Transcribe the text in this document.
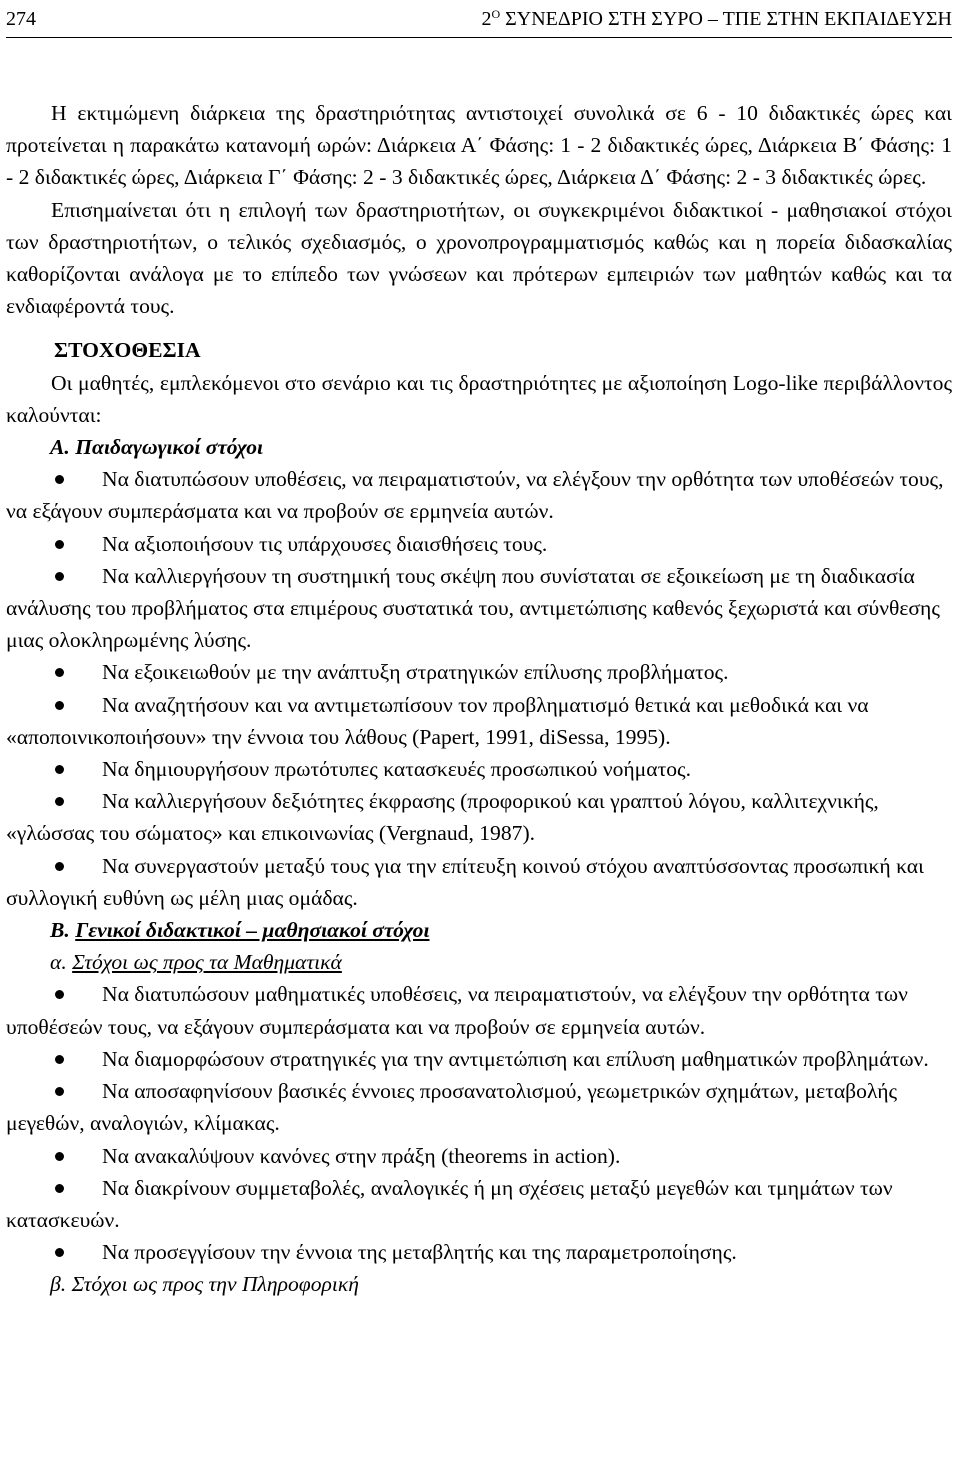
274	$2^O$ ΣΥΝΕΔΡΙΟ ΣΤΗ ΣΥΡΟ – ΤΠΕ ΣΤΗΝ ΕΚΠΑΙΔΕΥΣΗ

Η εκτιμώμενη διάρκεια της δραστηριότητας αντιστοιχεί συνολικά σε 6 - 10 διδακτικές ώρες και προτείνεται η παρακάτω κατανομή ωρών: Διάρκεια Α΄ Φάσης: 1 - 2 διδακτικές ώρες, Διάρκεια Β΄ Φάσης: 1 - 2 διδακτικές ώρες, Διάρκεια Γ΄ Φάσης: 2 - 3 διδακτικές ώρες, Διάρκεια Δ΄ Φάσης: 2 - 3 διδακτικές ώρες.

Επισημαίνεται ότι η επιλογή των δραστηριοτήτων, οι συγκεκριμένοι διδακτικοί - μαθησιακοί στόχοι των δραστηριοτήτων, ο τελικός σχεδιασμός, ο χρονοπρογραμματισμός καθώς και η πορεία διδασκαλίας καθορίζονται ανάλογα με το επίπεδο των γνώσεων και πρότερων εμπειριών των μαθητών καθώς και τα ενδιαφέροντά τους.

ΣΤΟΧΟΘΕΣΙΑ

Οι μαθητές, εμπλεκόμενοι στο σενάριο και τις δραστηριότητες με αξιοποίηση Logo-like περιβάλλοντος καλούνται:

Α. Παιδαγωγικοί στόχοι

Να διατυπώσουν υποθέσεις, να πειραματιστούν, να ελέγξουν την ορθότητα των υποθέσεών τους, να εξάγουν συμπεράσματα και να προβούν σε ερμηνεία αυτών.

Να αξιοποιήσουν τις υπάρχουσες διαισθήσεις τους.

Να καλλιεργήσουν τη συστημική τους σκέψη που συνίσταται σε εξοικείωση με τη διαδικασία ανάλυσης του προβλήματος στα επιμέρους συστατικά του, αντιμετώπισης καθενός ξεχωριστά και σύνθεσης μιας ολοκληρωμένης λύσης.

Να εξοικειωθούν με την ανάπτυξη στρατηγικών επίλυσης προβλήματος.

Να αναζητήσουν και να αντιμετωπίσουν τον προβληματισμό θετικά και μεθοδικά και να «αποποινικοποιήσουν» την έννοια του λάθους (Papert, 1991, diSessa, 1995).

Να δημιουργήσουν πρωτότυπες κατασκευές προσωπικού νοήματος.

Να καλλιεργήσουν δεξιότητες έκφρασης (προφορικού και γραπτού λόγου, καλλιτεχνικής, «γλώσσας του σώματος» και επικοινωνίας (Vergnaud, 1987).

Να συνεργαστούν μεταξύ τους για την επίτευξη κοινού στόχου αναπτύσσοντας προσωπική και συλλογική ευθύνη ως μέλη μιας ομάδας.

Β. Γενικοί διδακτικοί – μαθησιακοί στόχοι

α. Στόχοι ως προς τα Μαθηματικά

Να διατυπώσουν μαθηματικές υποθέσεις, να πειραματιστούν, να ελέγξουν την ορθότητα των υποθέσεών τους, να εξάγουν συμπεράσματα και να προβούν σε ερμηνεία αυτών.

Να διαμορφώσουν στρατηγικές για την αντιμετώπιση και επίλυση μαθηματικών προβλημάτων.

Να αποσαφηνίσουν βασικές έννοιες προσανατολισμού, γεωμετρικών σχημάτων, μεταβολής μεγεθών, αναλογιών, κλίμακας.

Να ανακαλύψουν κανόνες στην πράξη (theorems in action).

Να διακρίνουν συμμεταβολές, αναλογικές ή μη σχέσεις μεταξύ μεγεθών και τμημάτων των κατασκευών.

Να προσεγγίσουν την έννοια της μεταβλητής και της παραμετροποίησης.

β. Στόχοι ως προς την Πληροφορική
